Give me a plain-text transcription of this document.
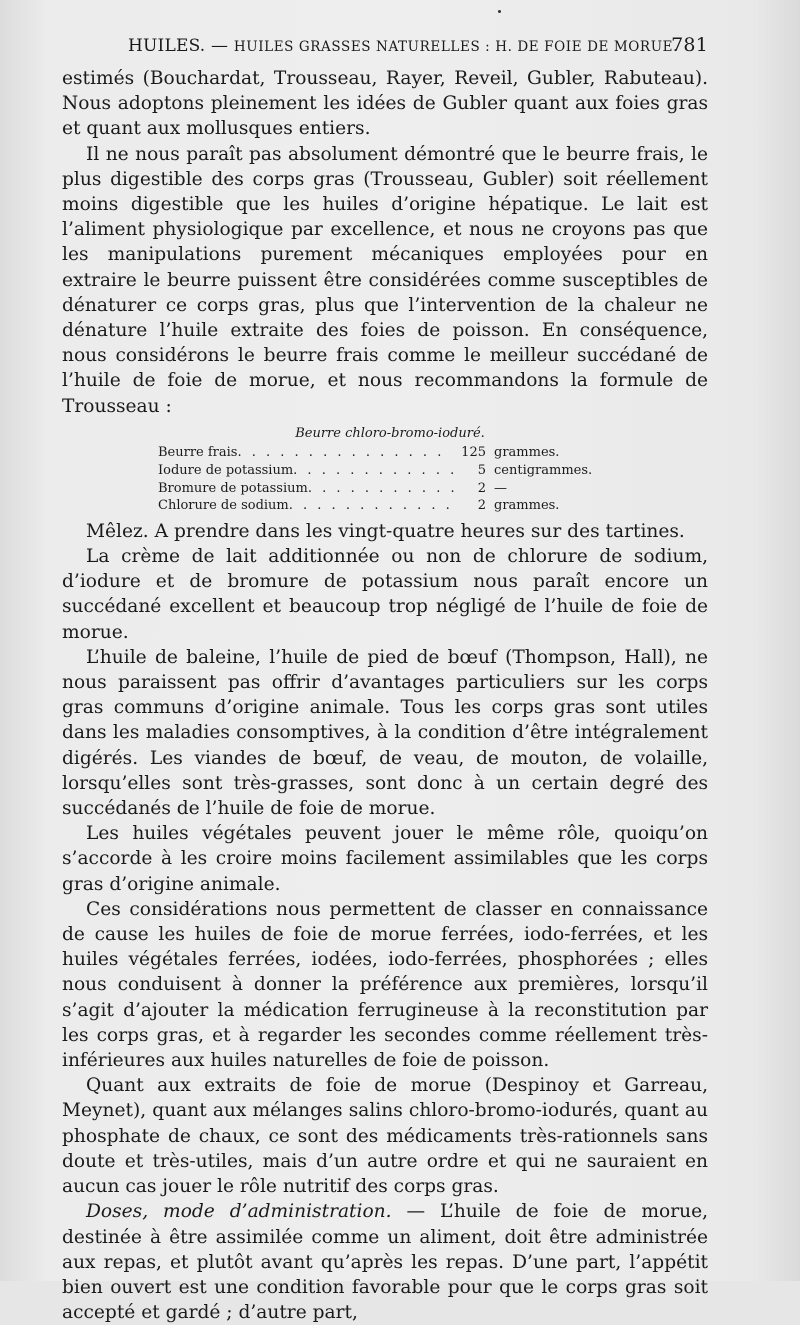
HUILES. — HUILES GRASSES NATURELLES : H. DE FOIE DE MORUE.
781

estimés (Bouchardat, Trousseau, Rayer, Reveil, Gubler, Rabuteau). Nous adoptons pleinement les idées de Gubler quant aux foies gras et quant aux mollusques entiers.

Il ne nous paraît pas absolument démontré que le beurre frais, le plus digestible des corps gras (Trousseau, Gubler) soit réellement moins digestible que les huiles d’origine hépatique. Le lait est l’aliment physiologique par excellence, et nous ne croyons pas que les manipulations purement mécaniques employées pour en extraire le beurre puissent être considérées comme susceptibles de dénaturer ce corps gras, plus que l’intervention de la chaleur ne dénature l’huile extraite des foies de poisson. En conséquence, nous considérons le beurre frais comme le meilleur succédané de l’huile de foie de morue, et nous recommandons la formule de Trousseau :

Beurre chloro-bromo-ioduré.
Beurre frais. . . . . . . . . . . . . . .	125	grammes.
Iodure de potassium. . . . . . . . . . . .	5	centigrammes.
Bromure de potassium. . . . . . . . . . .	2	—
Chlorure de sodium. . . . . . . . . . . .	2	grammes.

Mêlez. A prendre dans les vingt-quatre heures sur des tartines.

La crème de lait additionnée ou non de chlorure de sodium, d’iodure et de bromure de potassium nous paraît encore un succédané excellent et beaucoup trop négligé de l’huile de foie de morue.

L’huile de baleine, l’huile de pied de bœuf (Thompson, Hall), ne nous paraissent pas offrir d’avantages particuliers sur les corps gras communs d’origine animale. Tous les corps gras sont utiles dans les maladies consomptives, à la condition d’être intégralement digérés. Les viandes de bœuf, de veau, de mouton, de volaille, lorsqu’elles sont très-grasses, sont donc à un certain degré des succédanés de l’huile de foie de morue.

Les huiles végétales peuvent jouer le même rôle, quoiqu’on s’accorde à les croire moins facilement assimilables que les corps gras d’origine animale.

Ces considérations nous permettent de classer en connaissance de cause les huiles de foie de morue ferrées, iodo-ferrées, et les huiles végétales ferrées, iodées, iodo-ferrées, phosphorées ; elles nous conduisent à donner la préférence aux premières, lorsqu’il s’agit d’ajouter la médication ferrugineuse à la reconstitution par les corps gras, et à regarder les secondes comme réellement très-inférieures aux huiles naturelles de foie de poisson.

Quant aux extraits de foie de morue (Despinoy et Garreau, Meynet), quant aux mélanges salins chloro-bromo-iodurés, quant au phosphate de chaux, ce sont des médicaments très-rationnels sans doute et très-utiles, mais d’un autre ordre et qui ne sauraient en aucun cas jouer le rôle nutritif des corps gras.

Doses, mode d’administration. — L’huile de foie de morue, destinée à être assimilée comme un aliment, doit être administrée aux repas, et plutôt avant qu’après les repas. D’une part, l’appétit bien ouvert est une condition favorable pour que le corps gras soit accepté et gardé ; d’autre part,
